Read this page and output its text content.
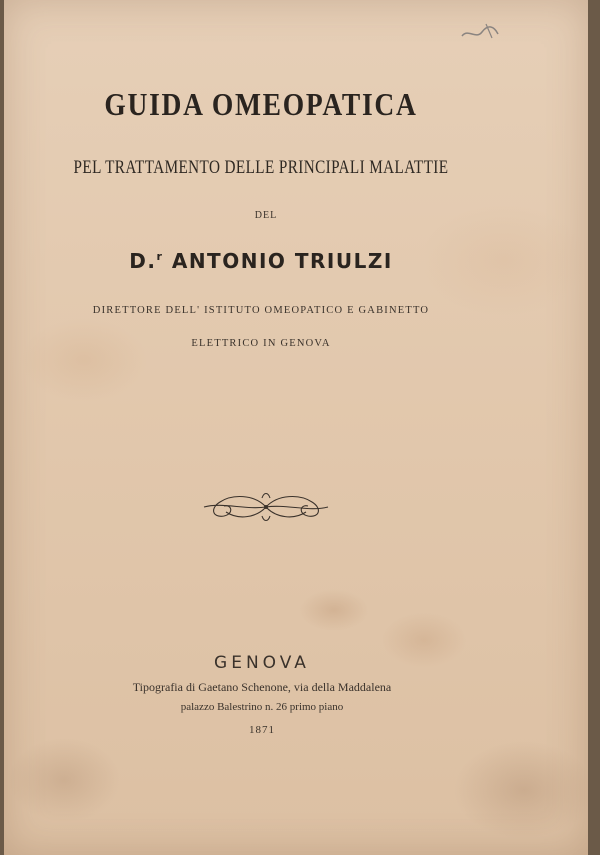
GUIDA OMEOPATICA
PEL TRATTAMENTO DELLE PRINCIPALI MALATTIE
DEL
D.$^r$ ANTONIO TRIULZI
DIRETTORE DELL' ISTITUTO OMEOPATICO E GABINETTO
ELETTRICO IN GENOVA
GENOVA
Tipografia di Gaetano Schenone, via della Maddalena
palazzo Balestrino n. 26 primo piano
1871
